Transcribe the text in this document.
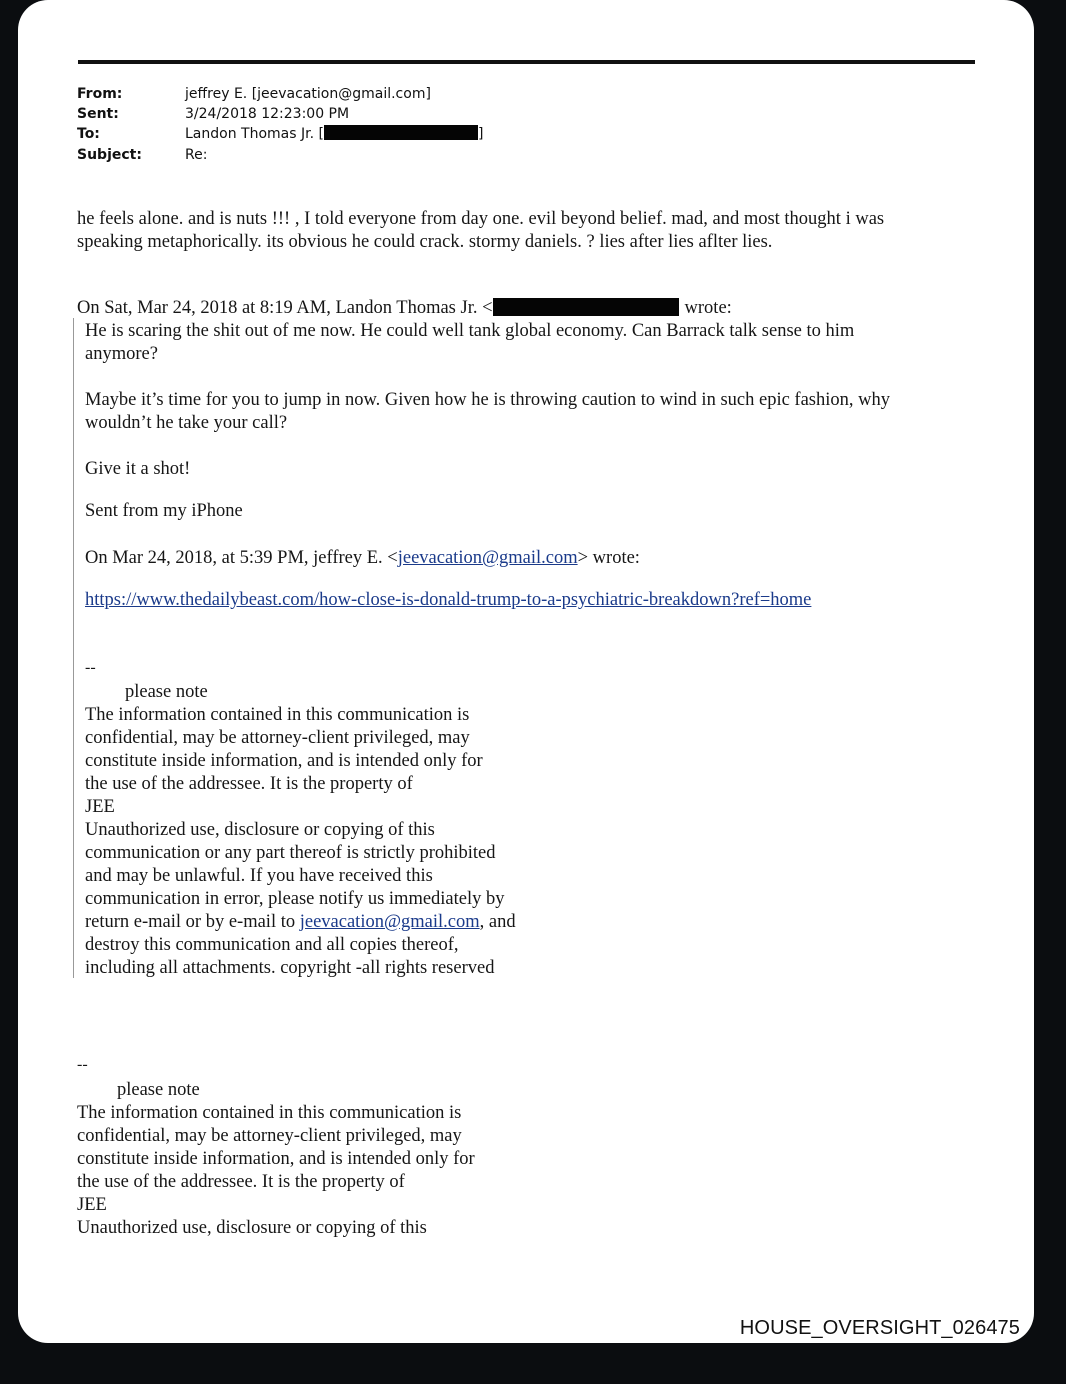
From:	jeffrey E. [jeevacation@gmail.com]
Sent:	3/24/2018 12:23:00 PM
To:	Landon Thomas Jr. [	]
Subject:	Re:
he feels alone. and is nuts !!! , I told everyone from day one. evil beyond belief. mad, and most thought i was
speaking metaphorically. its obvious he could crack. stormy daniels. ? lies after lies aflter lies.
On Sat, Mar 24, 2018 at 8:19 AM, Landon Thomas Jr. <	wrote:
He is scaring the shit out of me now. He could well tank global economy. Can Barrack talk sense to him
anymore?
Maybe it’s time for you to jump in now. Given how he is throwing caution to wind in such epic fashion, why
wouldn’t he take your call?
Give it a shot!
Sent from my iPhone
On Mar 24, 2018, at 5:39 PM, jeffrey E. <jeevacation@gmail.com> wrote:
https://www.thedailybeast.com/how-close-is-donald-trump-to-a-psychiatric-breakdown?ref=home
--
please note
The information contained in this communication is
confidential, may be attorney-client privileged, may
constitute inside information, and is intended only for
the use of the addressee. It is the property of
JEE
Unauthorized use, disclosure or copying of this
communication or any part thereof is strictly prohibited
and may be unlawful. If you have received this
communication in error, please notify us immediately by
return e-mail or by e-mail to jeevacation@gmail.com, and
destroy this communication and all copies thereof,
including all attachments. copyright -all rights reserved
--
please note
The information contained in this communication is
confidential, may be attorney-client privileged, may
constitute inside information, and is intended only for
the use of the addressee. It is the property of
JEE
Unauthorized use, disclosure or copying of this
HOUSE_OVERSIGHT_026475
